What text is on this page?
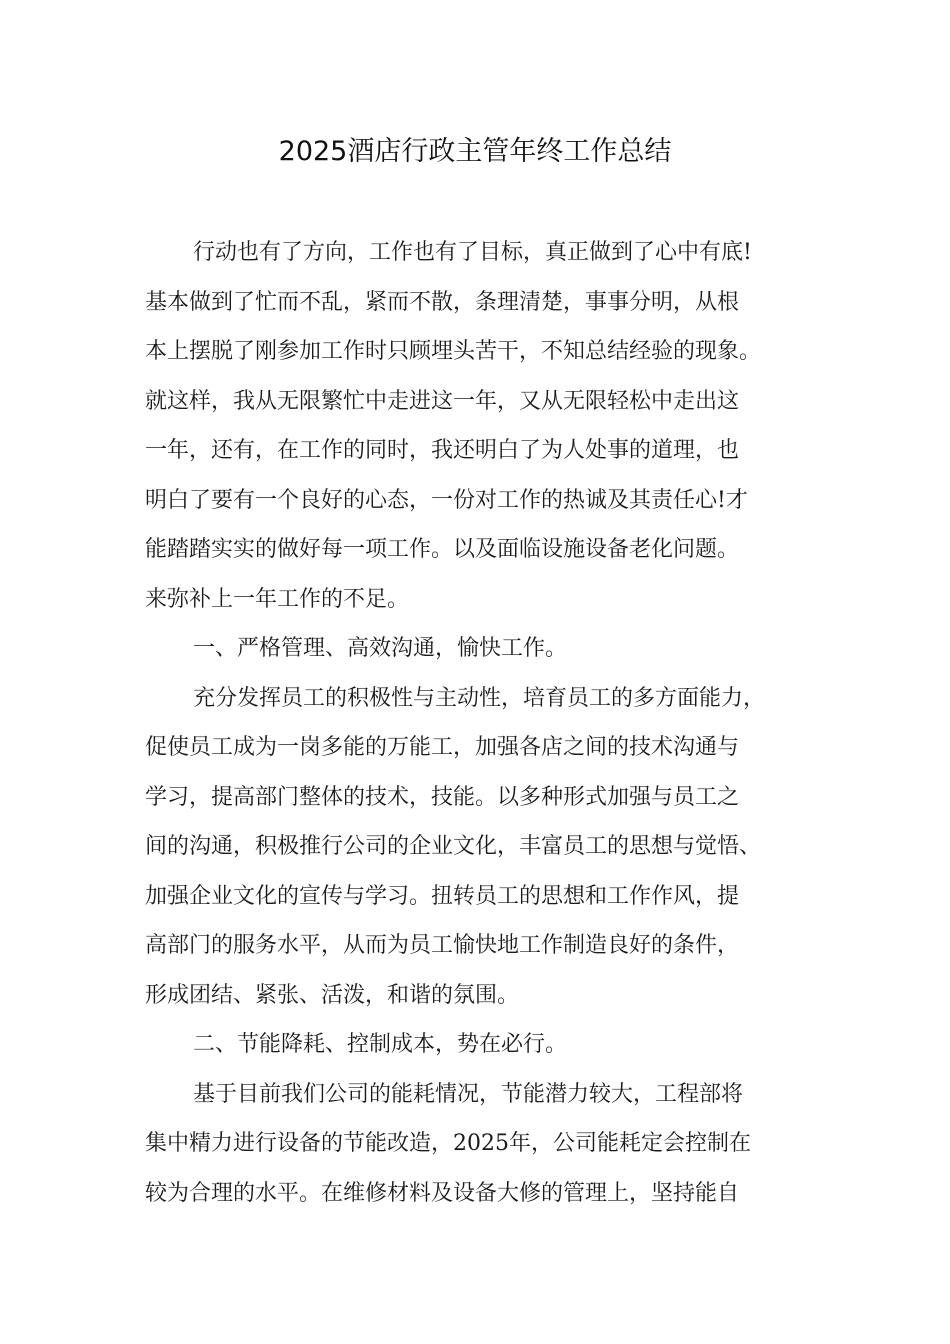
2025酒店行政主管年终工作总结
行动也有了方向，工作也有了目标，真正做到了心中有底!
基本做到了忙而不乱，紧而不散，条理清楚，事事分明，从根
本上摆脱了刚参加工作时只顾埋头苦干，不知总结经验的现象。
就这样，我从无限繁忙中走进这一年，又从无限轻松中走出这
一年，还有，在工作的同时，我还明白了为人处事的道理，也
明白了要有一个良好的心态，一份对工作的热诚及其责任心!才
能踏踏实实的做好每一项工作。以及面临设施设备老化问题。
来弥补上一年工作的不足。
一、严格管理、高效沟通，愉快工作。
充分发挥员工的积极性与主动性，培育员工的多方面能力，
促使员工成为一岗多能的万能工，加强各店之间的技术沟通与
学习，提高部门整体的技术，技能。以多种形式加强与员工之
间的沟通，积极推行公司的企业文化，丰富员工的思想与觉悟、
加强企业文化的宣传与学习。扭转员工的思想和工作作风，提
高部门的服务水平，从而为员工愉快地工作制造良好的条件，
形成团结、紧张、活泼，和谐的氛围。
二、节能降耗、控制成本，势在必行。
基于目前我们公司的能耗情况，节能潜力较大，工程部将
集中精力进行设备的节能改造，2025年，公司能耗定会控制在
较为合理的水平。在维修材料及设备大修的管理上，坚持能自
